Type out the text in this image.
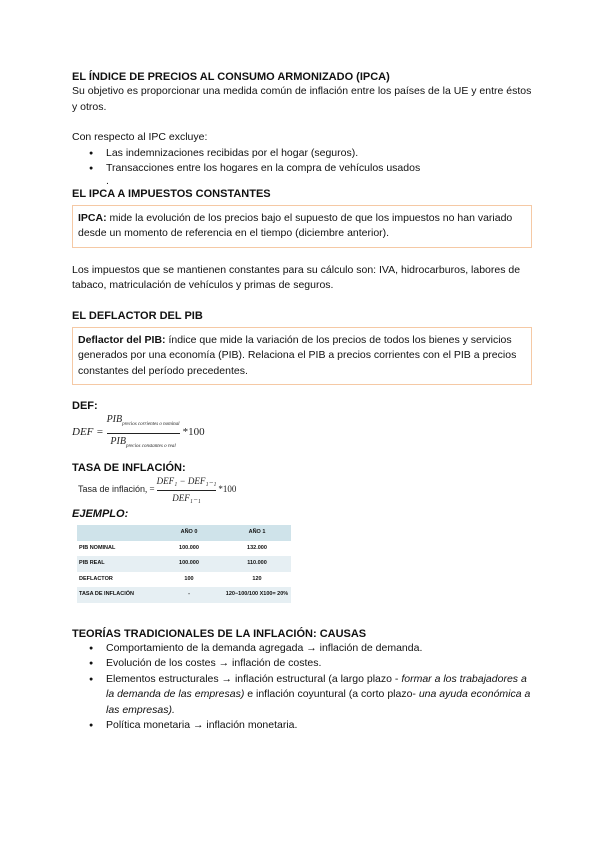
EL ÍNDICE DE PRECIOS AL CONSUMO ARMONIZADO (IPCA)

Su objetivo es proporcionar una medida común de inflación entre los países de la UE y entre éstos y otros.

Con respecto al IPC excluye:

● Las indemnizaciones recibidas por el hogar (seguros).
● Transacciones entre los hogares en la compra de vehículos usados

.

EL IPCA A IMPUESTOS CONSTANTES
IPCA: mide la evolución de los precios bajo el supuesto de que los impuestos no han variado desde un momento de referencia en el tiempo (diciembre anterior).

Los impuestos que se mantienen constantes para su cálculo son: IVA, hidrocarburos, labores de tabaco, matriculación de vehículos y primas de seguros.

EL DEFLACTOR DEL PIB
Deflactor del PIB: índice que mide la variación de los precios de todos los bienes y servicios generados por una economía (PIB). Relaciona el PIB a precios corrientes con el PIB a precios constantes del período precedentes.
DEF:
DEF =
$PIB_{precios corrientes o nominal}$
$PIB_{precios constantes o real}$
*100
TASA DE INFLACIÓN:
Tasa de inflación , =
DEF₁ − DEF₁₋₁
DEF₁₋₁
*100
EJEMPLO:
	AÑO 0	AÑO 1
PIB NOMINAL	100.000	132.000
PIB REAL	100.000	110.000
DEFLACTOR	100	120
TASA DE INFLACIÓN	-	120−100/100 X100= 20%
TEORÍAS TRADICIONALES DE LA INFLACIÓN: CAUSAS
● Comportamiento de la demanda agregada → inflación de demanda.
● Evolución de los costes → inflación de costes.
● Elementos estructurales → inflación estructural (a largo plazo - formar a los trabajadores a la demanda de las empresas) e inflación coyuntural (a corto plazo- una ayuda económica a las empresas).
● Política monetaria → inflación monetaria.
